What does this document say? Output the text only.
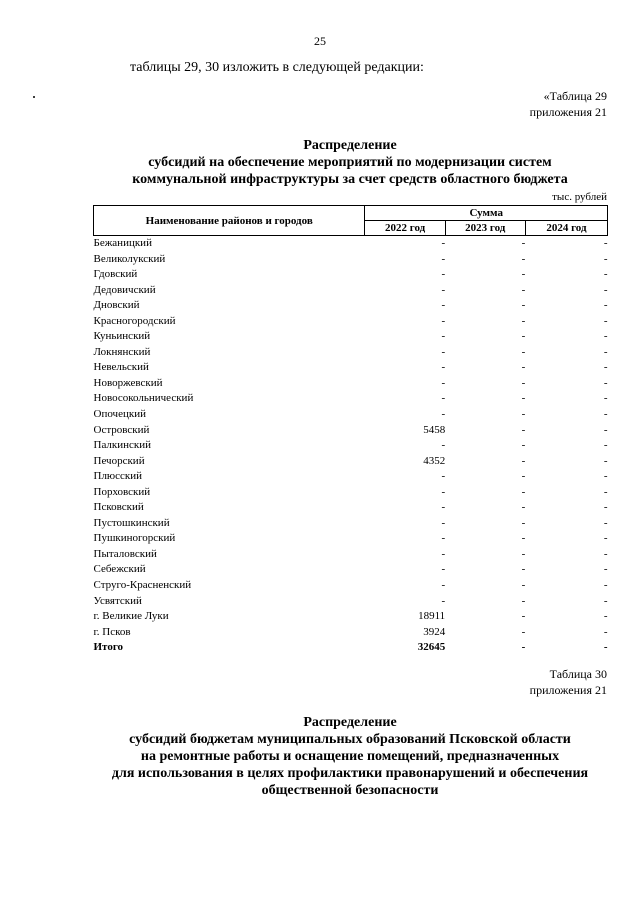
25
таблицы 29, 30 изложить в следующей редакции:
«Таблица 29
приложения 21
Распределение
субсидий на обеспечение мероприятий по модернизации систем
коммунальной инфраструктуры за счет средств областного бюджета
тыс. рублей
Наименование районов и городов	Сумма		
	2022 год	2023 год	2024 год
Бежаницкий	-	-	-
Великолукский	-	-	-
Гдовский	-	-	-
Дедовичский	-	-	-
Дновский	-	-	-
Красногородский	-	-	-
Куньинский	-	-	-
Локнянский	-	-	-
Невельский	-	-	-
Новоржевский	-	-	-
Новосокольнический	-	-	-
Опочецкий	-	-	-
Островский	5458	-	-
Палкинский	-	-	-
Печорский	4352	-	-
Плюсский	-	-	-
Порховский	-	-	-
Псковский	-	-	-
Пустошкинский	-	-	-
Пушкиногорский	-	-	-
Пыталовский	-	-	-
Себежский	-	-	-
Струго-Красненский	-	-	-
Усвятский	-	-	-
г. Великие Луки	18911	-	-
г. Псков	3924	-	-
Итого	32645	-	-
Таблица 30
приложения 21
Распределение
субсидий бюджетам муниципальных образований Псковской области
на ремонтные работы и оснащение помещений, предназначенных
для использования в целях профилактики правонарушений и обеспечения
общественной безопасности
